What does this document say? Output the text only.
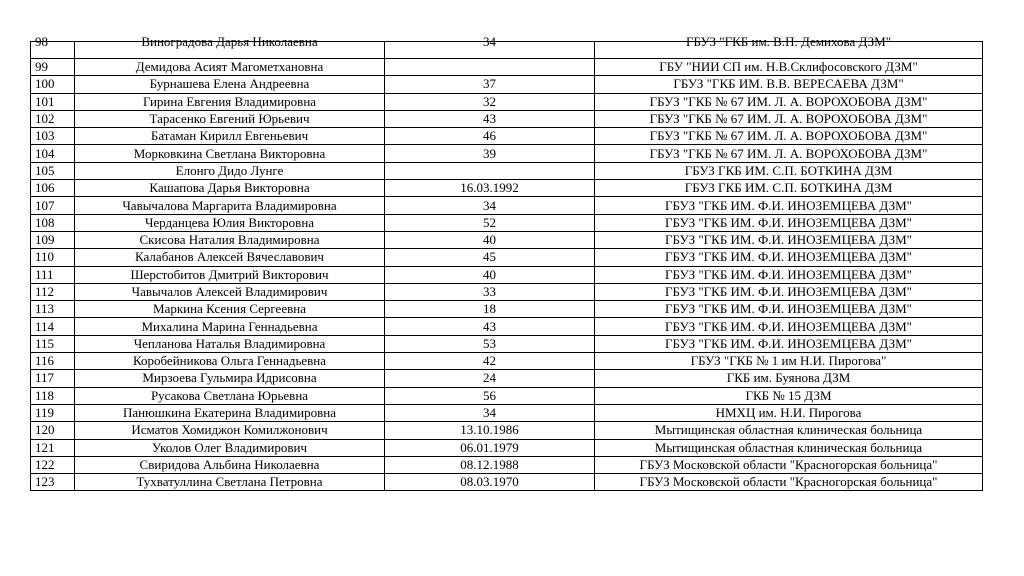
98	Виноградова Дарья Николаевна	34	ГБУЗ "ГКБ им. В.П. Демихова ДЗМ"
99	Демидова Асият Магометхановна		ГБУ "НИИ СП им. Н.В.Склифосовского ДЗМ"
100	Бурнашева Елена Андреевна	37	ГБУЗ "ГКБ ИМ. В.В. ВЕРЕСАЕВА ДЗМ"
101	Гирина Евгения Владимировна	32	ГБУЗ "ГКБ № 67 ИМ. Л. А. ВОРОХОБОВА ДЗМ"
102	Тарасенко Евгений Юрьевич	43	ГБУЗ "ГКБ № 67 ИМ. Л. А. ВОРОХОБОВА ДЗМ"
103	Батаман Кирилл Евгеньевич	46	ГБУЗ "ГКБ № 67 ИМ. Л. А. ВОРОХОБОВА ДЗМ"
104	Морковкина Светлана Викторовна	39	ГБУЗ "ГКБ № 67 ИМ. Л. А. ВОРОХОБОВА ДЗМ"
105	Елонго Дидо Лунге		ГБУЗ ГКБ ИМ. С.П. БОТКИНА ДЗМ
106	Кашапова Дарья Викторовна	16.03.1992	ГБУЗ ГКБ ИМ. С.П. БОТКИНА ДЗМ
107	Чавычалова Маргарита Владимировна	34	ГБУЗ "ГКБ ИМ. Ф.И. ИНОЗЕМЦЕВА ДЗМ"
108	Черданцева Юлия Викторовна	52	ГБУЗ "ГКБ ИМ. Ф.И. ИНОЗЕМЦЕВА ДЗМ"
109	Скисова Наталия Владимировна	40	ГБУЗ "ГКБ ИМ. Ф.И. ИНОЗЕМЦЕВА ДЗМ"
110	Калабанов Алексей Вячеславович	45	ГБУЗ "ГКБ ИМ. Ф.И. ИНОЗЕМЦЕВА ДЗМ"
111	Шерстобитов Дмитрий Викторович	40	ГБУЗ "ГКБ ИМ. Ф.И. ИНОЗЕМЦЕВА ДЗМ"
112	Чавычалов Алексей Владимирович	33	ГБУЗ "ГКБ ИМ. Ф.И. ИНОЗЕМЦЕВА ДЗМ"
113	Маркина Ксения Сергеевна	18	ГБУЗ "ГКБ ИМ. Ф.И. ИНОЗЕМЦЕВА ДЗМ"
114	Михалина Марина Геннадьевна	43	ГБУЗ "ГКБ ИМ. Ф.И. ИНОЗЕМЦЕВА ДЗМ"
115	Чепланова Наталья Владимировна	53	ГБУЗ "ГКБ ИМ. Ф.И. ИНОЗЕМЦЕВА ДЗМ"
116	Коробейникова Ольга Геннадьевна	42	ГБУЗ "ГКБ № 1 им Н.И. Пирогова"
117	Мирзоева Гульмира Идрисовна	24	ГКБ им. Буянова ДЗМ
118	Русакова Светлана Юрьевна	56	ГКБ № 15 ДЗМ
119	Панюшкина Екатерина Владимировна	34	НМХЦ им. Н.И. Пирогова
120	Исматов Хомиджон Комилжонович	13.10.1986	Мытищинская областная клиническая больница
121	Уколов Олег Владимирович	06.01.1979	Мытищинская областная клиническая больница
122	Свиридова Альбина Николаевна	08.12.1988	ГБУЗ Московской области "Красногорская больница"
123	Тухватуллина Светлана Петровна	08.03.1970	ГБУЗ Московской области "Красногорская больница"
